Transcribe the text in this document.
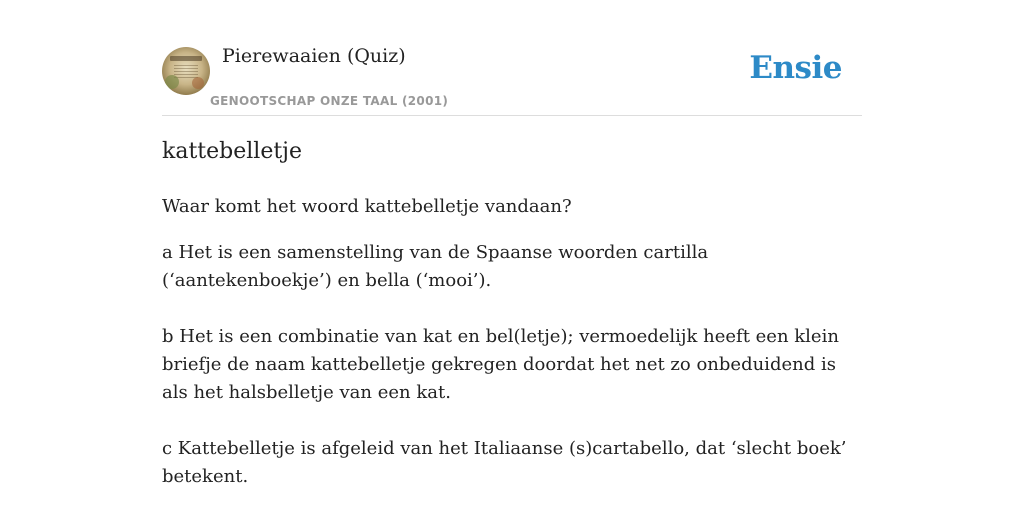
Pierewaaien (Quiz)
GENOOTSCHAP ONZE TAAL (2001)
Ensie
kattebelletje

Waar komt het woord kattebelletje vandaan?

a Het is een samenstelling van de Spaanse woorden cartilla (‘aantekenboekje’) en bella (‘mooi’).

b Het is een combinatie van kat en bel(letje); vermoedelijk heeft een klein briefje de naam kattebelletje gekregen doordat het net zo onbeduidend is als het halsbelletje van een kat.

c Kattebelletje is afgeleid van het Italiaanse (s)cartabello, dat ‘slecht boek’ betekent.
